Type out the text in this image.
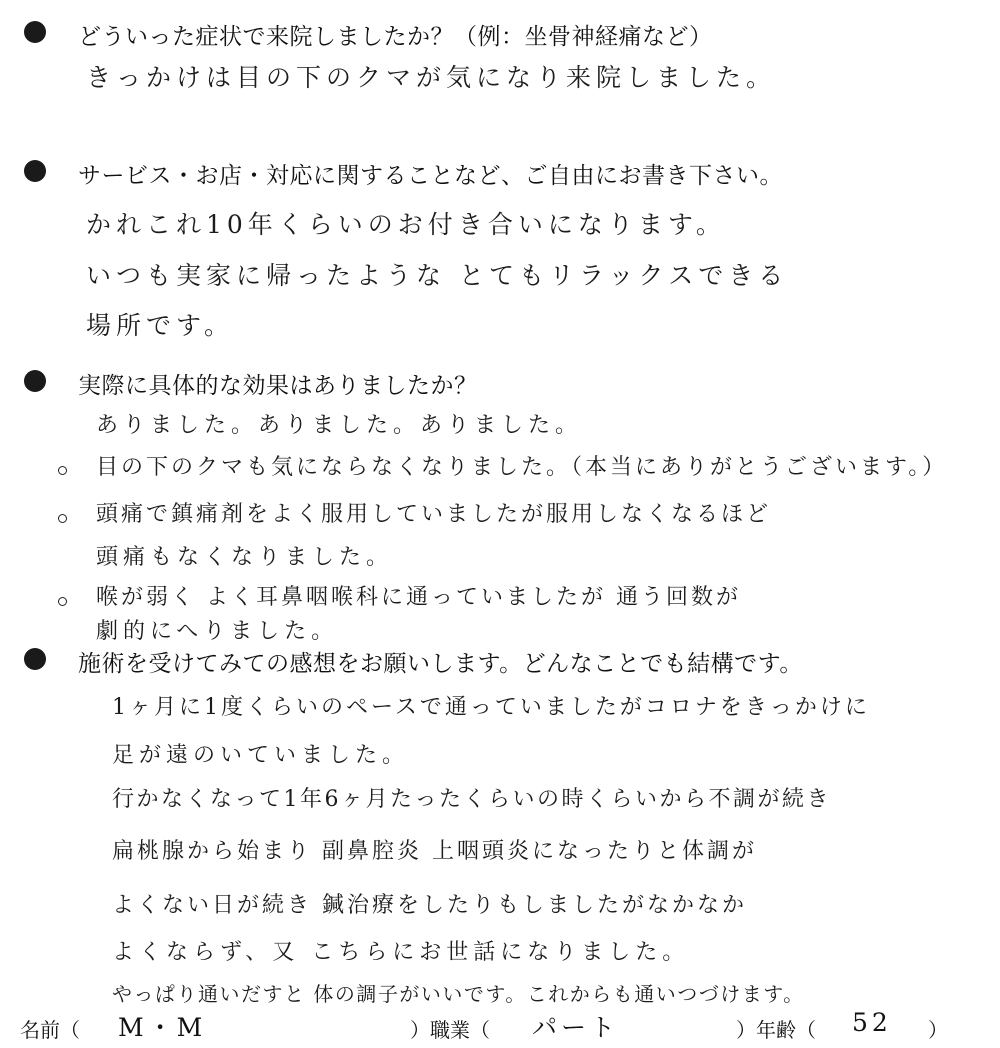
どういった症状で来院しましたか？（例：坐骨神経痛など）
きっかけは目の下のクマが気になり来院しました。
サービス・お店・対応に関することなど、ご自由にお書き下さい。
かれこれ10年くらいのお付き合いになります。
いつも実家に帰ったような とてもリラックスできる
場所です。
実際に具体的な効果はありましたか？
ありました。ありました。ありました。
目の下のクマも気にならなくなりました。（本当にありがとうございます。）
頭痛で鎮痛剤をよく服用していましたが服用しなくなるほど
頭痛もなくなりました。
喉が弱く よく耳鼻咽喉科に通っていましたが 通う回数が
劇的にへりました。
施術を受けてみての感想をお願いします。どんなことでも結構です。
1ヶ月に1度くらいのペースで通っていましたがコロナをきっかけに
足が遠のいていました。
行かなくなって1年6ヶ月たったくらいの時くらいから不調が続き
扁桃腺から始まり 副鼻腔炎 上咽頭炎になったりと体調が
よくない日が続き 鍼治療をしたりもしましたがなかなか
よくならず、又 こちらにお世話になりました。
やっぱり通いだすと 体の調子がいいです。これからも通いつづけます。
名前（ M・M	）職業（ パート	）年齢（ 52 ）
